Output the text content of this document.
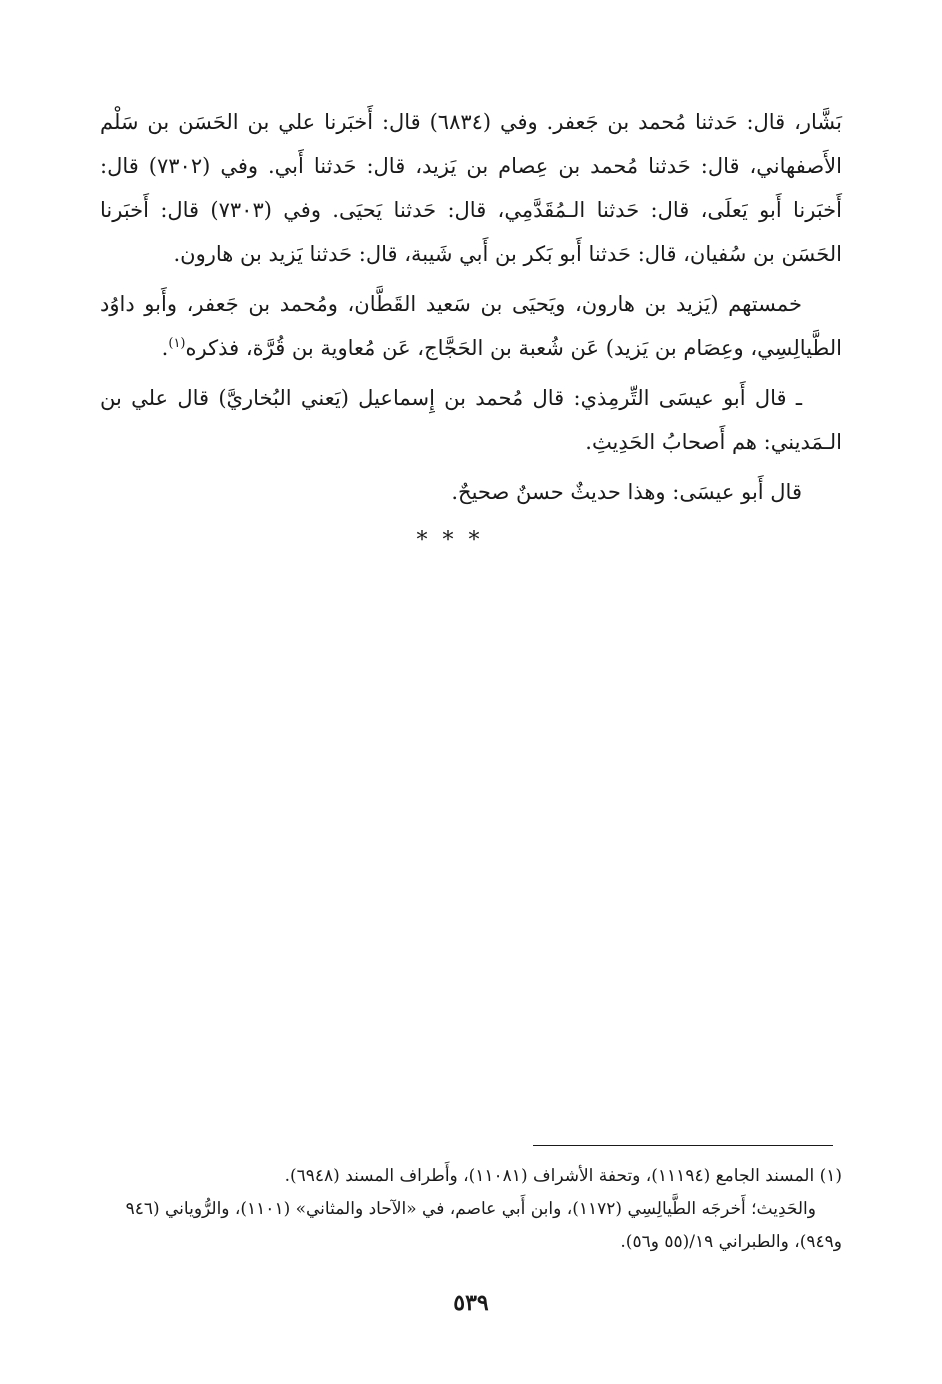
بَشَّار، قال: حَدثنا مُحمد بن جَعفر. وفي (٦٨٣٤) قال: أَخبَرنا علي بن الحَسَن بن سَلْم الأَصفهاني، قال: حَدثنا مُحمد بن عِصام بن يَزيد، قال: حَدثنا أَبي. وفي (٧٣٠٢) قال: أَخبَرنا أَبو يَعلَى، قال: حَدثنا الـمُقَدَّمِي، قال: حَدثنا يَحيَى. وفي (٧٣٠٣) قال: أَخبَرنا الحَسَن بن سُفيان، قال: حَدثنا أَبو بَكر بن أَبي شَيبة، قال: حَدثنا يَزيد بن هارون.

خمستهم (يَزيد بن هارون، ويَحيَى بن سَعيد القَطَّان، ومُحمد بن جَعفر، وأَبو داوُد الطَّيالِسِي، وعِصَام بن يَزيد) عَن شُعبة بن الحَجَّاج، عَن مُعاوية بن قُرَّة، فذكره$^{(١)}$.

ـ قال أَبو عيسَى التِّرمِذي: قال مُحمد بن إِسماعيل (يَعني البُخاريَّ) قال علي بن الـمَديني: هم أَصحابُ الحَدِيثِ.

قال أَبو عيسَى: وهذا حديثٌ حسنٌ صحيحٌ.

* * *

(١) المسند الجامع (١١١٩٤)، وتحفة الأشراف (١١٠٨١)، وأَطراف المسند (٦٩٤٨).

والحَدِيث؛ أَخرجَه الطَّيالِسِي (١١٧٢)، وابن أَبي عاصم، في «الآحاد والمثاني» (١١٠١)، والرُّوياني (٩٤٦ و٩٤٩)، والطبراني ١٩/(٥٥ و٥٦).

٥٣٩
